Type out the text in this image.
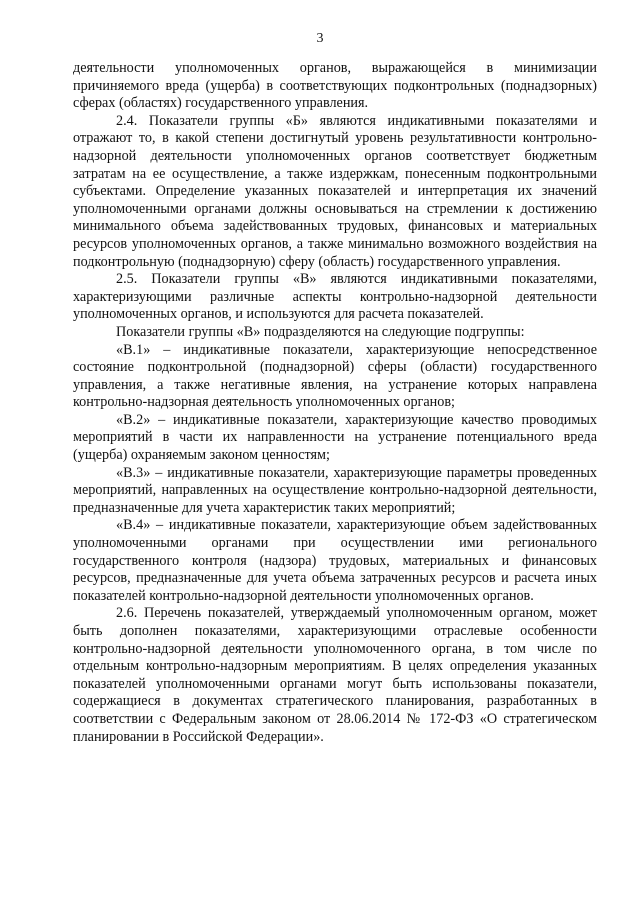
3

деятельности уполномоченных органов, выражающейся в минимизации причиняемого вреда (ущерба) в соответствующих подконтрольных (поднадзорных) сферах (областях) государственного управления.

2.4. Показатели группы «Б» являются индикативными показателями и отражают то, в какой степени достигнутый уровень результативности контрольно-надзорной деятельности уполномоченных органов соответствует бюджетным затратам на ее осуществление, а также издержкам, понесенным подконтрольными субъектами. Определение указанных показателей и интерпретация их значений уполномоченными органами должны основываться на стремлении к достижению минимального объема задействованных трудовых, финансовых и материальных ресурсов уполномоченных органов, а также минимально возможного воздействия на подконтрольную (поднадзорную) сферу (область) государственного управления.

2.5. Показатели группы «В» являются индикативными показателями, характеризующими различные аспекты контрольно-надзорной деятельности уполномоченных органов, и используются для расчета показателей.

Показатели группы «В» подразделяются на следующие подгруппы:

«В.1» – индикативные показатели, характеризующие непосредственное состояние подконтрольной (поднадзорной) сферы (области) государственного управления, а также негативные явления, на устранение которых направлена контрольно-надзорная деятельность уполномоченных органов;

«В.2» – индикативные показатели, характеризующие качество проводимых мероприятий в части их направленности на устранение потенциального вреда (ущерба) охраняемым законом ценностям;

«В.3» – индикативные показатели, характеризующие параметры проведенных мероприятий, направленных на осуществление контрольно-надзорной деятельности, предназначенные для учета характеристик таких мероприятий;

«В.4» – индикативные показатели, характеризующие объем задействованных уполномоченными органами при осуществлении ими регионального государственного контроля (надзора) трудовых, материальных и финансовых ресурсов, предназначенные для учета объема затраченных ресурсов и расчета иных показателей контрольно-надзорной деятельности уполномоченных органов.

2.6. Перечень показателей, утверждаемый уполномоченным органом, может быть дополнен показателями, характеризующими отраслевые особенности контрольно-надзорной деятельности уполномоченного органа, в том числе по отдельным контрольно-надзорным мероприятиям. В целях определения указанных показателей уполномоченными органами могут быть использованы показатели, содержащиеся в документах стратегического планирования, разработанных в соответствии с Федеральным законом от 28.06.2014 № 172-ФЗ «О стратегическом планировании в Российской Федерации».
